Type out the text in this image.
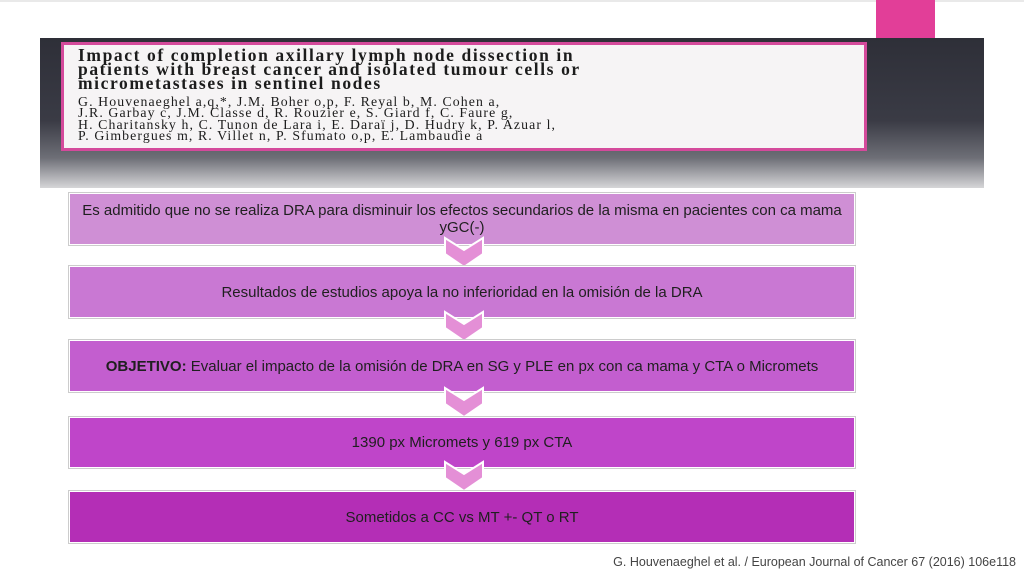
Impact of completion axillary lymph node dissection in
patients with breast cancer and isolated tumour cells or
micrometastases in sentinel nodes
G. Houvenaeghel a,q,*, J.M. Boher o,p, F. Reyal b, M. Cohen a,
J.R. Garbay c, J.M. Classe d, R. Rouzier e, S. Giard f, C. Faure g,
H. Charitansky h, C. Tunon de Lara i, E. Daraï j, D. Hudry k, P. Azuar l,
P. Gimbergues m, R. Villet n, P. Sfumato o,p, E. Lambaudie a
Es admitido que no se realiza DRA para disminuir los efectos secundarios de la misma en pacientes con ca mama yGC(-)
Resultados de estudios apoya la no inferioridad en la omisión de la DRA
OBJETIVO: Evaluar el impacto de la omisión de DRA en SG y PLE en px con ca mama y CTA o Micromets
1390 px Micromets y 619 px CTA
Sometidos a CC vs MT +- QT o RT
G. Houvenaeghel et al. / European Journal of Cancer 67 (2016) 106e118
